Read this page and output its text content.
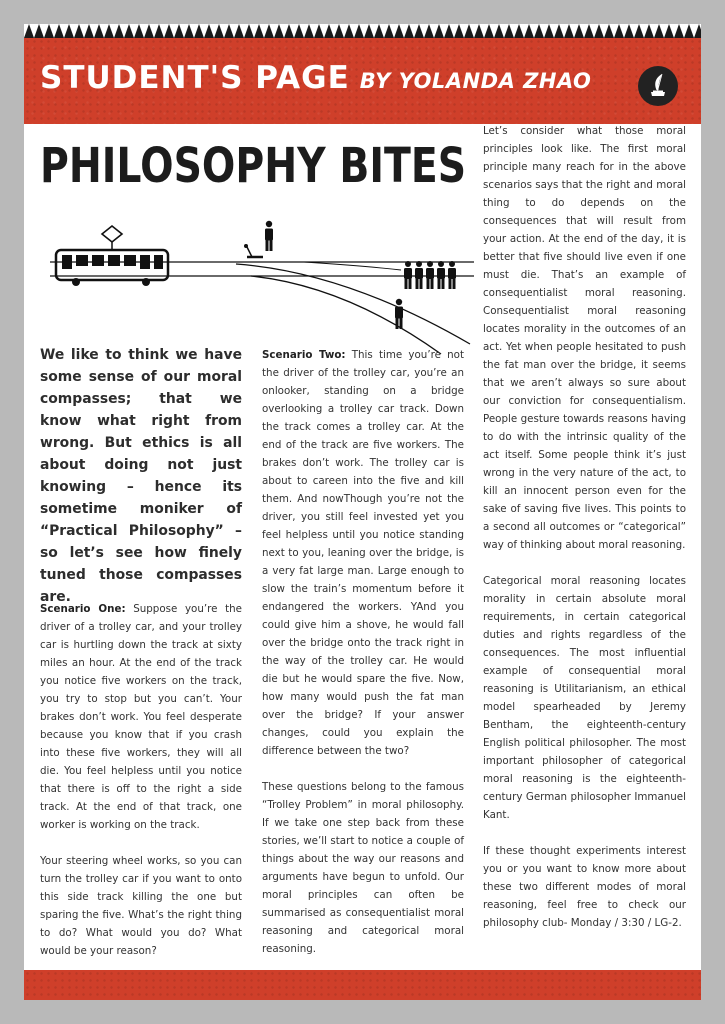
STUDENT'S PAGE BY YOLANDA ZHAO
PHILOSOPHY BITES

We like to think we have some sense of our moral compasses; that we know what right from wrong. But ethics is all about doing not just knowing – hence its sometime moniker of “Practical Philosophy” – so let’s see how finely tuned those compasses are.

Scenario One: Suppose you’re the driver of a trolley car, and your trolley car is hurtling down the track at sixty miles an hour. At the end of the track you notice five workers on the track, you try to stop but you can’t. Your brakes don’t work. You feel desperate because you know that if you crash into these five workers, they will all die. You feel helpless until you notice that there is off to the right a side track. At the end of that track, one worker is working on the track.

Your steering wheel works, so you can turn the trolley car if you want to onto this side track killing the one but sparing the five. What’s the right thing to do? What would you do? What would be your reason?

Scenario Two: This time you’re not the driver of the trolley car, you’re an onlooker, standing on a bridge overlooking a trolley car track. Down the track comes a trolley car. At the end of the track are five workers. The brakes don’t work. The trolley car is about to careen into the five and kill them. And nowThough you’re not the driver, you still feel invested yet you feel helpless until you notice standing next to you, leaning over the bridge, is a very fat large man. Large enough to slow the train’s momentum before it endangered the workers. YAnd you could give him a shove, he would fall over the bridge onto the track right in the way of the trolley car. He would die but he would spare the five. Now, how many would push the fat man over the bridge? If your answer changes, could you explain the difference between the two?

These questions belong to the famous “Trolley Problem” in moral philosophy. If we take one step back from these stories, we’ll start to notice a couple of things about the way our reasons and arguments have begun to unfold. Our moral principles can often be summarised as consequentialist moral reasoning and categorical moral reasoning.

Let’s consider what those moral principles look like. The first moral principle many reach for in the above scenarios says that the right and moral thing to do depends on the consequences that will result from your action. At the end of the day, it is better that five should live even if one must die. That’s an example of consequentialist moral reasoning. Consequentialist moral reasoning locates morality in the outcomes of an act. Yet when people hesitated to push the fat man over the bridge, it seems that we aren’t always so sure about our conviction for consequentialism. People gesture towards reasons having to do with the intrinsic quality of the act itself. Some people think it’s just wrong in the very nature of the act, to kill an innocent person even for the sake of saving five lives. This points to a second all outcomes or “categorical” way of thinking about moral reasoning.

Categorical moral reasoning locates morality in certain absolute moral requirements, in certain categorical duties and rights regardless of the consequences. The most influential example of consequential moral reasoning is Utilitarianism, an ethical model spearheaded by Jeremy Bentham, the eighteenth-century English political philosopher. The most important philosopher of categorical moral reasoning is the eighteenth-century German philosopher Immanuel Kant.

If these thought experiments interest you or you want to know more about these two different modes of moral reasoning, feel free to check our philosophy club- Monday / 3:30 / LG-2.
